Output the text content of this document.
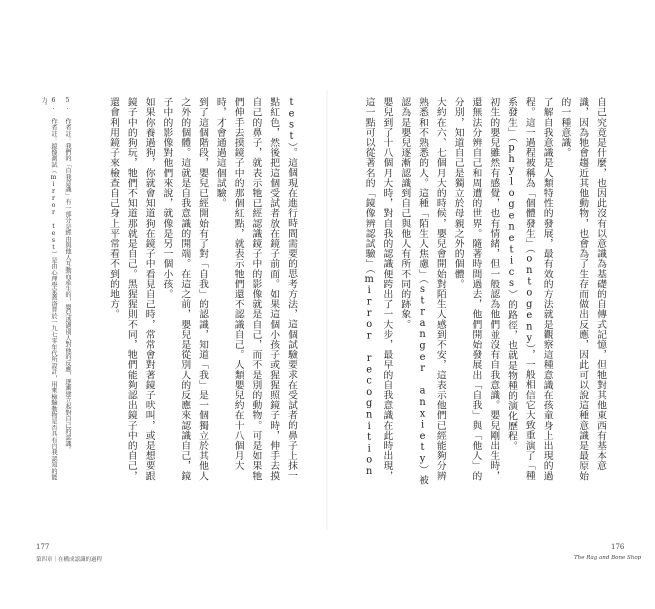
5. 作者註：我們的「自我意識」有一部分是經由與他人互動而產生的，嬰兒透過別人對他的反應，逐漸建立起對自己的認識。
6. 作者註：鏡像測試（mirror test）是由心理學家蓋洛普於一九七零年代所設計，用來檢驗動物是否具有自我認知的能力。	test）。這個現在進行時間需要的思考方法，這個試驗要求在受試者的鼻子上抹一點紅色，然後把這個受試者放在鏡子前面。如果這個小孩子或猩猩照鏡子時，伸手去摸自己的鼻子，就表示牠已經認識鏡子中的影像就是自己，而不是別的動物。可是如果牠們伸手去摸鏡子中的那個紅點，就表示牠們還不認識自己。人類嬰兒約在十八個月大時，才會通過這個試驗。
到了這個階段，嬰兒已經開始有了對「自我」的認識，知道「我」是一個獨立於其他人之外的個體。這就是自我意識的開端。在這之前，嬰兒是從別人的反應來認識自己，鏡子中的影像對他們來說，就像是另一個小孩。
如果你養過狗，你就會知道狗在鏡子中看見自己時，常常會對著鏡子吠叫，或是想要跟鏡子中的狗玩，牠們不知道那就是自己。黑猩猩則不同，牠們能夠認出鏡子中的自己，還會利用鏡子來檢查自己身上平常看不到的地方。
177
第四章｜在構成認識的過程
自己究竟是什麼，也因此沒有以意識為基礎的自傳式記憶，但牠對其他東西有基本意識，因為牠會趨近其他動物，也會為了生存而做出反應，因此可以說這種意識是最原始的一種意識。
了解自我意識是人類特性的發展，最有效的方法就是觀察這種意識在孩童身上出現的過程。這一過程被稱為「個體發生」（ontogeny），一般相信它大致重演了「種系發生」（phylogenetics）的路徑，也就是物種的演化歷程。
初生的嬰兒雖然有感覺，也有情緒，但一般認為他們並沒有自我意識。嬰兒剛出生時，還無法分辨自己和周遭的世界。隨著時間過去，他們開始發展出「自我」與「他人」的分別，知道自己是獨立於母親之外的個體。
大約在六、七個月大的時候，嬰兒會開始對陌生人感到不安，這表示他們已經能夠分辨熟悉和不熟悉的人。這種「陌生人焦慮」（stranger anxiety）被認為是嬰兒逐漸認識到自己與他人有所不同的跡象。
嬰兒到了十八個月大時，對自我的認識便跨出了一大步，最早的自我意識在此時出現，這一點可以從著名的「鏡像辨認試驗」（mirror recognition
176
The Rag and Bone Shop
